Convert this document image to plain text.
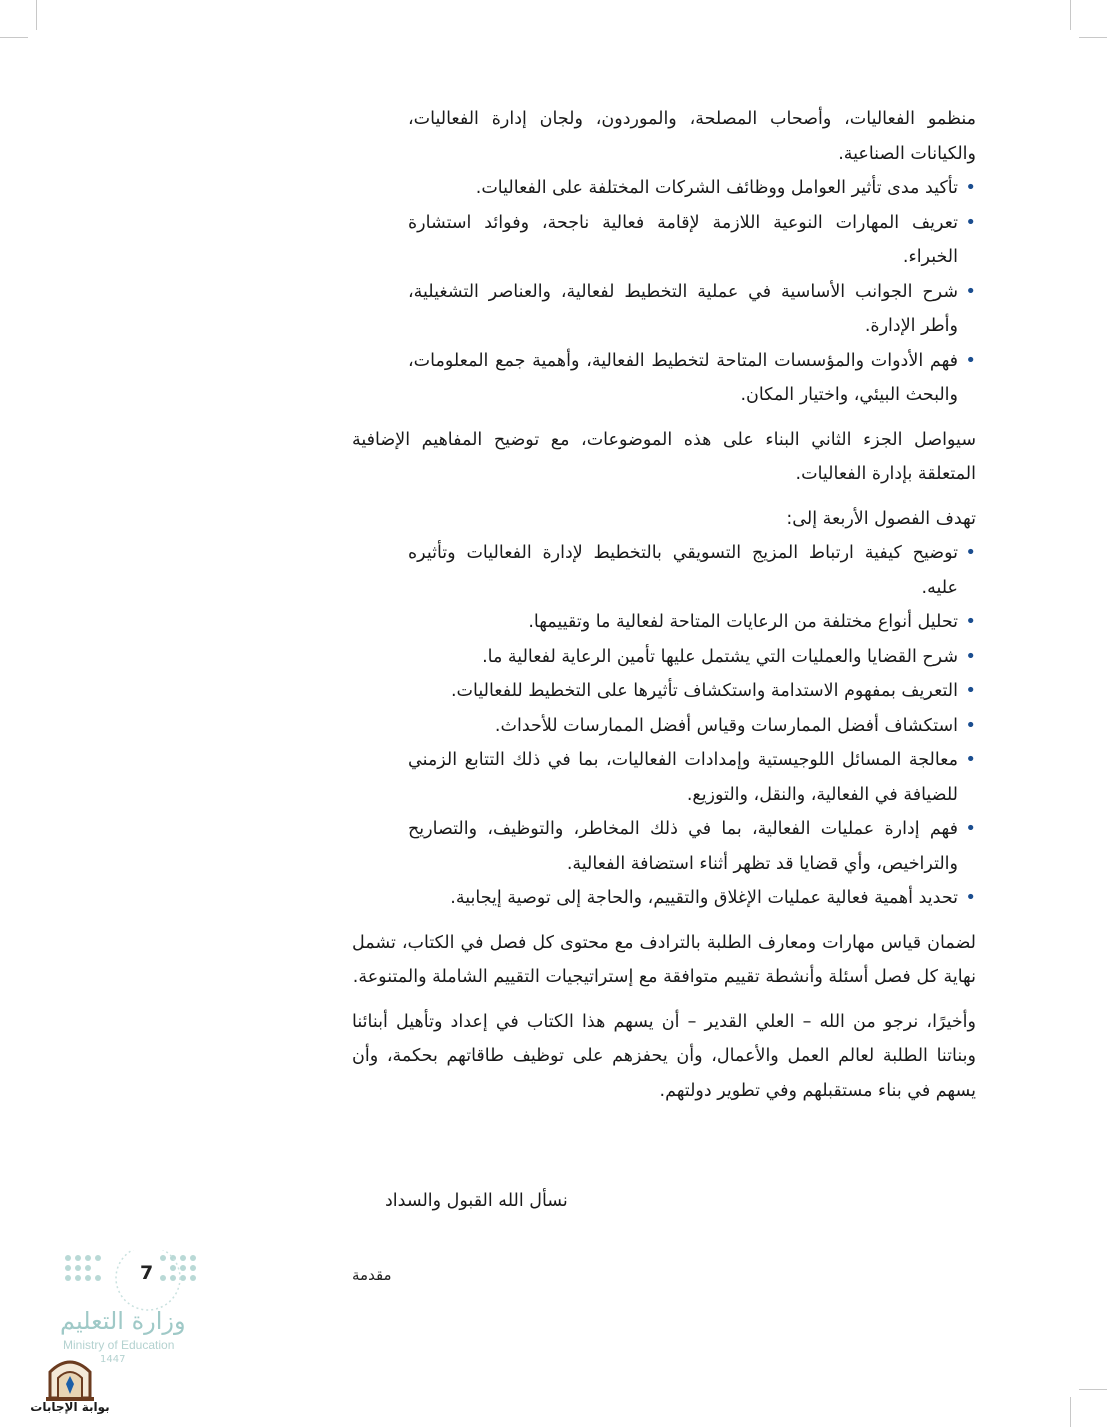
منظمو الفعاليات، وأصحاب المصلحة، والموردون، ولجان إدارة الفعاليات، والكيانات الصناعية.

• تأكيد مدى تأثير العوامل ووظائف الشركات المختلفة على الفعاليات.
• تعريف المهارات النوعية اللازمة لإقامة فعالية ناجحة، وفوائد استشارة الخبراء.
• شرح الجوانب الأساسية في عملية التخطيط لفعالية، والعناصر التشغيلية، وأطر الإدارة.
• فهم الأدوات والمؤسسات المتاحة لتخطيط الفعالية، وأهمية جمع المعلومات، والبحث البيئي، واختيار المكان.

سيواصل الجزء الثاني البناء على هذه الموضوعات، مع توضيح المفاهيم الإضافية المتعلقة بإدارة الفعاليات.

تهدف الفصول الأربعة إلى:

• توضيح كيفية ارتباط المزيج التسويقي بالتخطيط لإدارة الفعاليات وتأثيره عليه.
• تحليل أنواع مختلفة من الرعايات المتاحة لفعالية ما وتقييمها.
• شرح القضايا والعمليات التي يشتمل عليها تأمين الرعاية لفعالية ما.
• التعريف بمفهوم الاستدامة واستكشاف تأثيرها على التخطيط للفعاليات.
• استكشاف أفضل الممارسات وقياس أفضل الممارسات للأحداث.
• معالجة المسائل اللوجيستية وإمدادات الفعاليات، بما في ذلك التتابع الزمني للضيافة في الفعالية، والنقل، والتوزيع.
• فهم إدارة عمليات الفعالية، بما في ذلك المخاطر، والتوظيف، والتصاريح والتراخيص، وأي قضايا قد تظهر أثناء استضافة الفعالية.
• تحديد أهمية فعالية عمليات الإغلاق والتقييم، والحاجة إلى توصية إيجابية.

لضمان قياس مهارات ومعارف الطلبة بالترادف مع محتوى كل فصل في الكتاب، تشمل نهاية كل فصل أسئلة وأنشطة تقييم متوافقة مع إستراتيجيات التقييم الشاملة والمتنوعة.

وأخيرًا، نرجو من الله – العلي القدير – أن يسهم هذا الكتاب في إعداد وتأهيل أبنائنا وبناتنا الطلبة لعالم العمل والأعمال، وأن يحفزهم على توظيف طاقاتهم بحكمة، وأن يسهم في بناء مستقبلهم وفي تطوير دولتهم.

نسأل الله القبول والسداد
مقدمة
7
وزارة التعليم
Ministry of Education
1447
بوابة الإجابات
